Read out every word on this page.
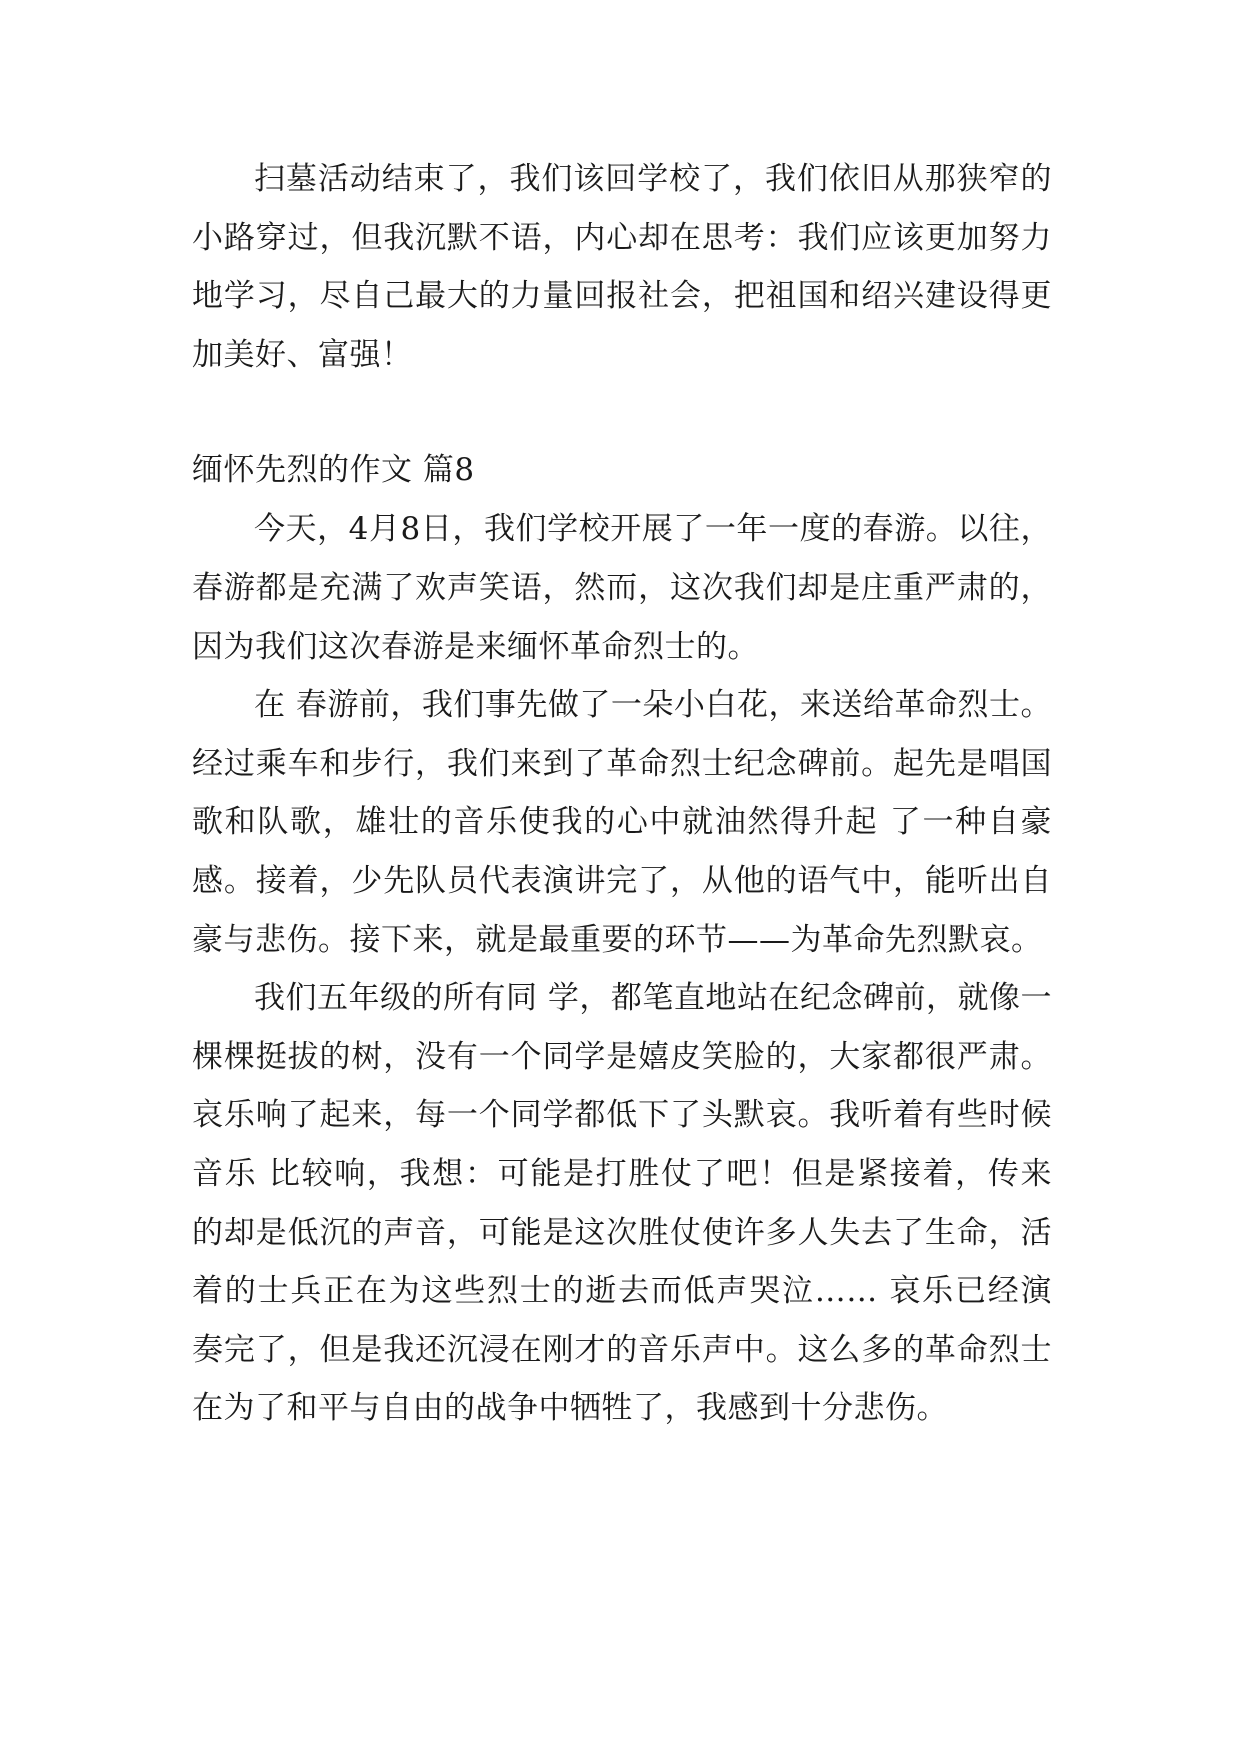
扫墓活动结束了，我们该回学校了，我们依旧从那狭窄的小路穿过，但我沉默不语，内心却在思考：我们应该更加努力地学习，尽自己最大的力量回报社会，把祖国和绍兴建设得更加美好、富强！

缅怀先烈的作文 篇8

今天，4月8日，我们学校开展了一年一度的春游。以往，春游都是充满了欢声笑语，然而，这次我们却是庄重严肃的，因为我们这次春游是来缅怀革命烈士的。

在 春游前，我们事先做了一朵小白花，来送给革命烈士。经过乘车和步行，我们来到了革命烈士纪念碑前。起先是唱国歌和队歌，雄壮的音乐使我的心中就油然得升起 了一种自豪感。接着，少先队员代表演讲完了，从他的语气中，能听出自豪与悲伤。接下来，就是最重要的环节——为革命先烈默哀。

我们五年级的所有同 学，都笔直地站在纪念碑前，就像一棵棵挺拔的树，没有一个同学是嬉皮笑脸的，大家都很严肃。哀乐响了起来，每一个同学都低下了头默哀。我听着有些时候音乐 比较响，我想：可能是打胜仗了吧！但是紧接着，传来的却是低沉的声音，可能是这次胜仗使许多人失去了生命，活着的士兵正在为这些烈士的逝去而低声哭泣…… 哀乐已经演奏完了，但是我还沉浸在刚才的音乐声中。这么多的革命烈士在为了和平与自由的战争中牺牲了，我感到十分悲伤。
